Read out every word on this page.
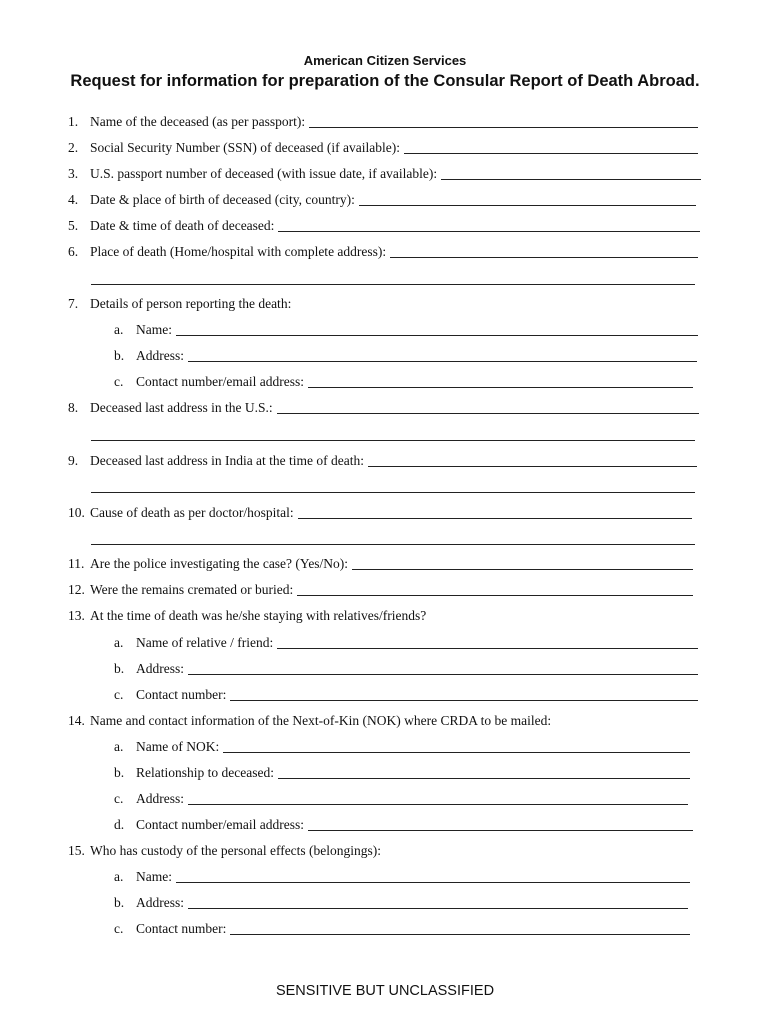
American Citizen Services
Request for information for preparation of the Consular Report of Death Abroad.
1. Name of the deceased (as per passport):
2. Social Security Number (SSN) of deceased (if available):
3. U.S. passport number of deceased (with issue date, if available):
4. Date & place of birth of deceased (city, country):
5. Date & time of death of deceased:
6. Place of death (Home/hospital with complete address):
7. Details of person reporting the death:
a. Name:
b. Address:
c. Contact number/email address:
8. Deceased last address in the U.S.:
9. Deceased last address in India at the time of death:
10. Cause of death as per doctor/hospital:
11. Are the police investigating the case? (Yes/No):
12. Were the remains cremated or buried:
13. At the time of death was he/she staying with relatives/friends?
a. Name of relative / friend:
b. Address:
c. Contact number:
14. Name and contact information of the Next-of-Kin (NOK) where CRDA to be mailed:
a. Name of NOK:
b. Relationship to deceased:
c. Address:
d. Contact number/email address:
15. Who has custody of the personal effects (belongings):
a. Name:
b. Address:
c. Contact number:
SENSITIVE BUT UNCLASSIFIED
